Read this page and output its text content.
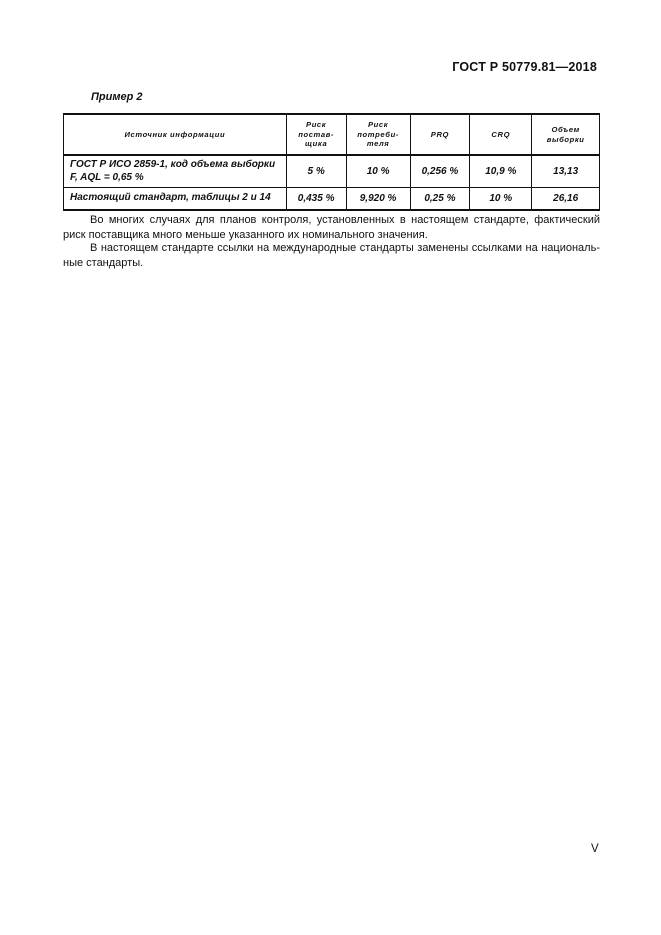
ГОСТ Р 50779.81—2018
Пример 2
Источник информации	Риск постав-щика	Риск потреби-теля	PRQ	CRQ	Объем выборки
ГОСТ Р ИСО 2859-1, код объема выборки F, AQL = 0,65 %	5 %	10 %	0,256 %	10,9 %	13,13
Настоящий стандарт, таблицы 2 и 14	0,435 %	9,920 %	0,25 %	10 %	26,16

Во многих случаях для планов контроля, установленных в настоящем стандарте, фактический риск поставщика много меньше указанного их номинального значения.

В настоящем стандарте ссылки на международные стандарты заменены ссылками на националь-ные стандарты.

V
